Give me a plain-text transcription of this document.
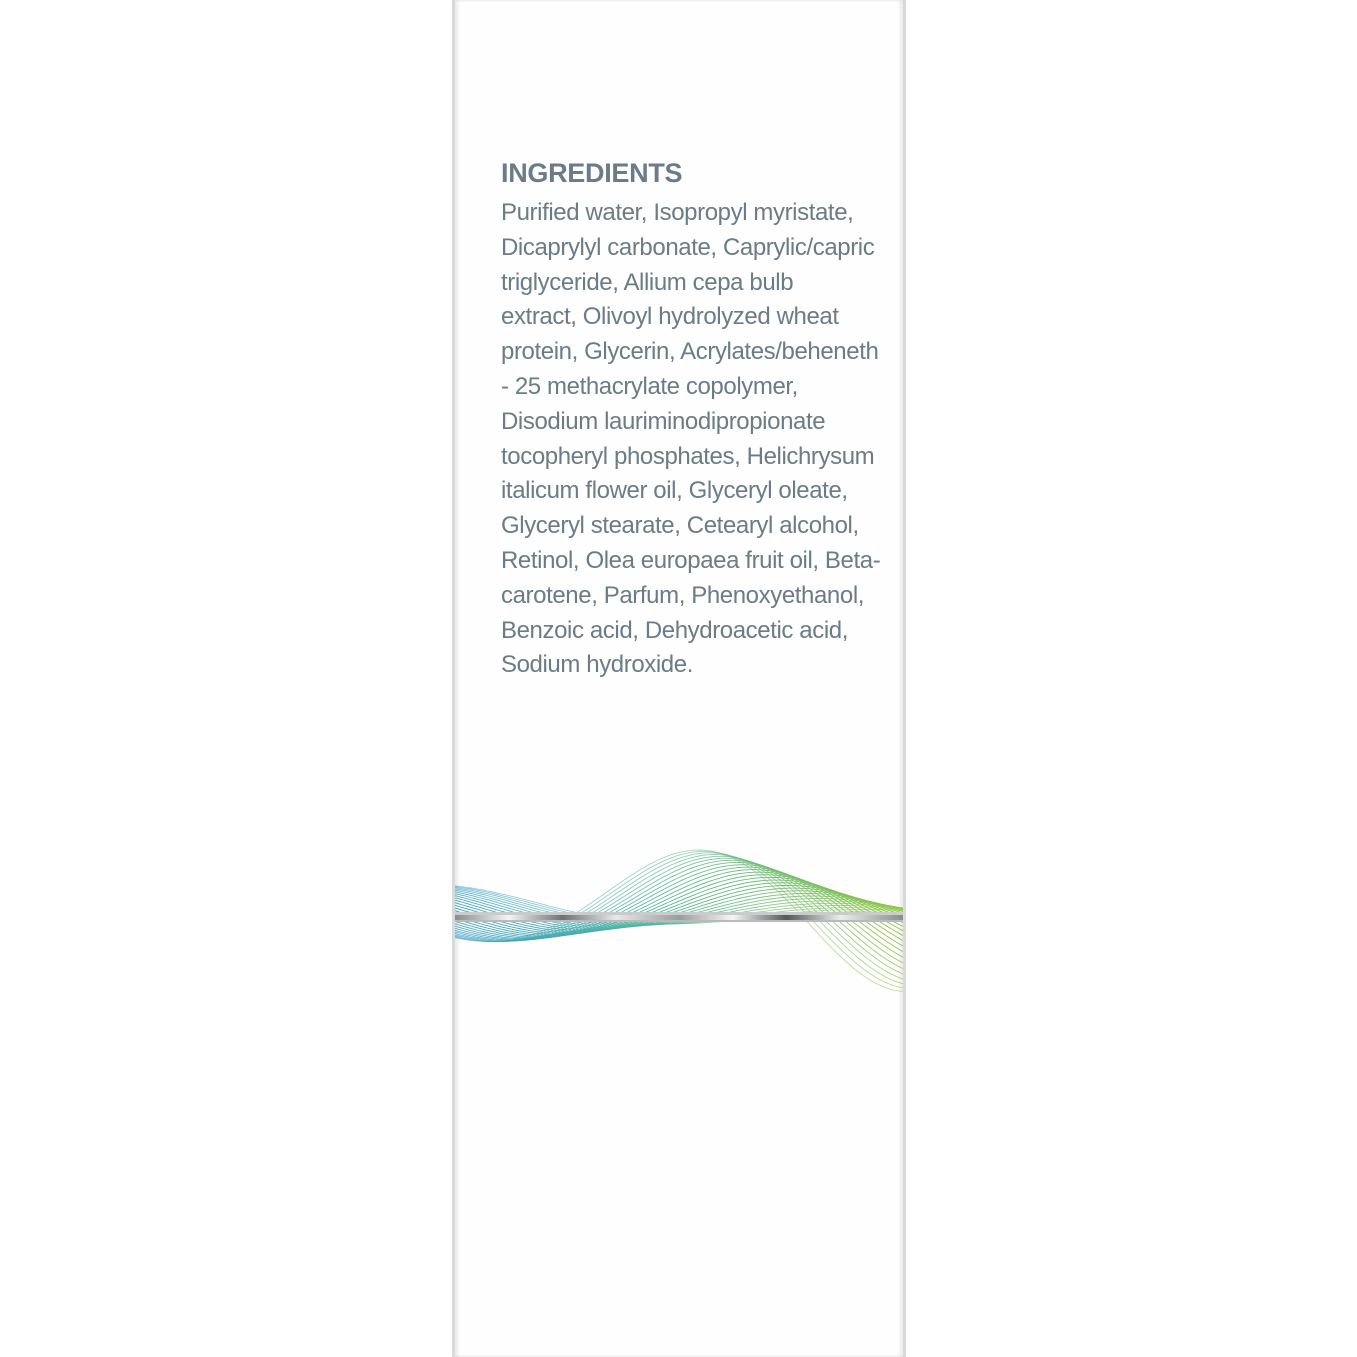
INGREDIENTS
Purified water, Isopropyl myristate,
Dicaprylyl carbonate, Caprylic/capric
triglyceride, Allium cepa bulb
extract, Olivoyl hydrolyzed wheat
protein, Glycerin, Acrylates/beheneth
- 25 methacrylate copolymer,
Disodium lauriminodipropionate
tocopheryl phosphates, Helichrysum
italicum flower oil, Glyceryl oleate,
Glyceryl stearate, Cetearyl alcohol,
Retinol, Olea europaea fruit oil, Beta-
carotene, Parfum, Phenoxyethanol,
Benzoic acid, Dehydroacetic acid,
Sodium hydroxide.
